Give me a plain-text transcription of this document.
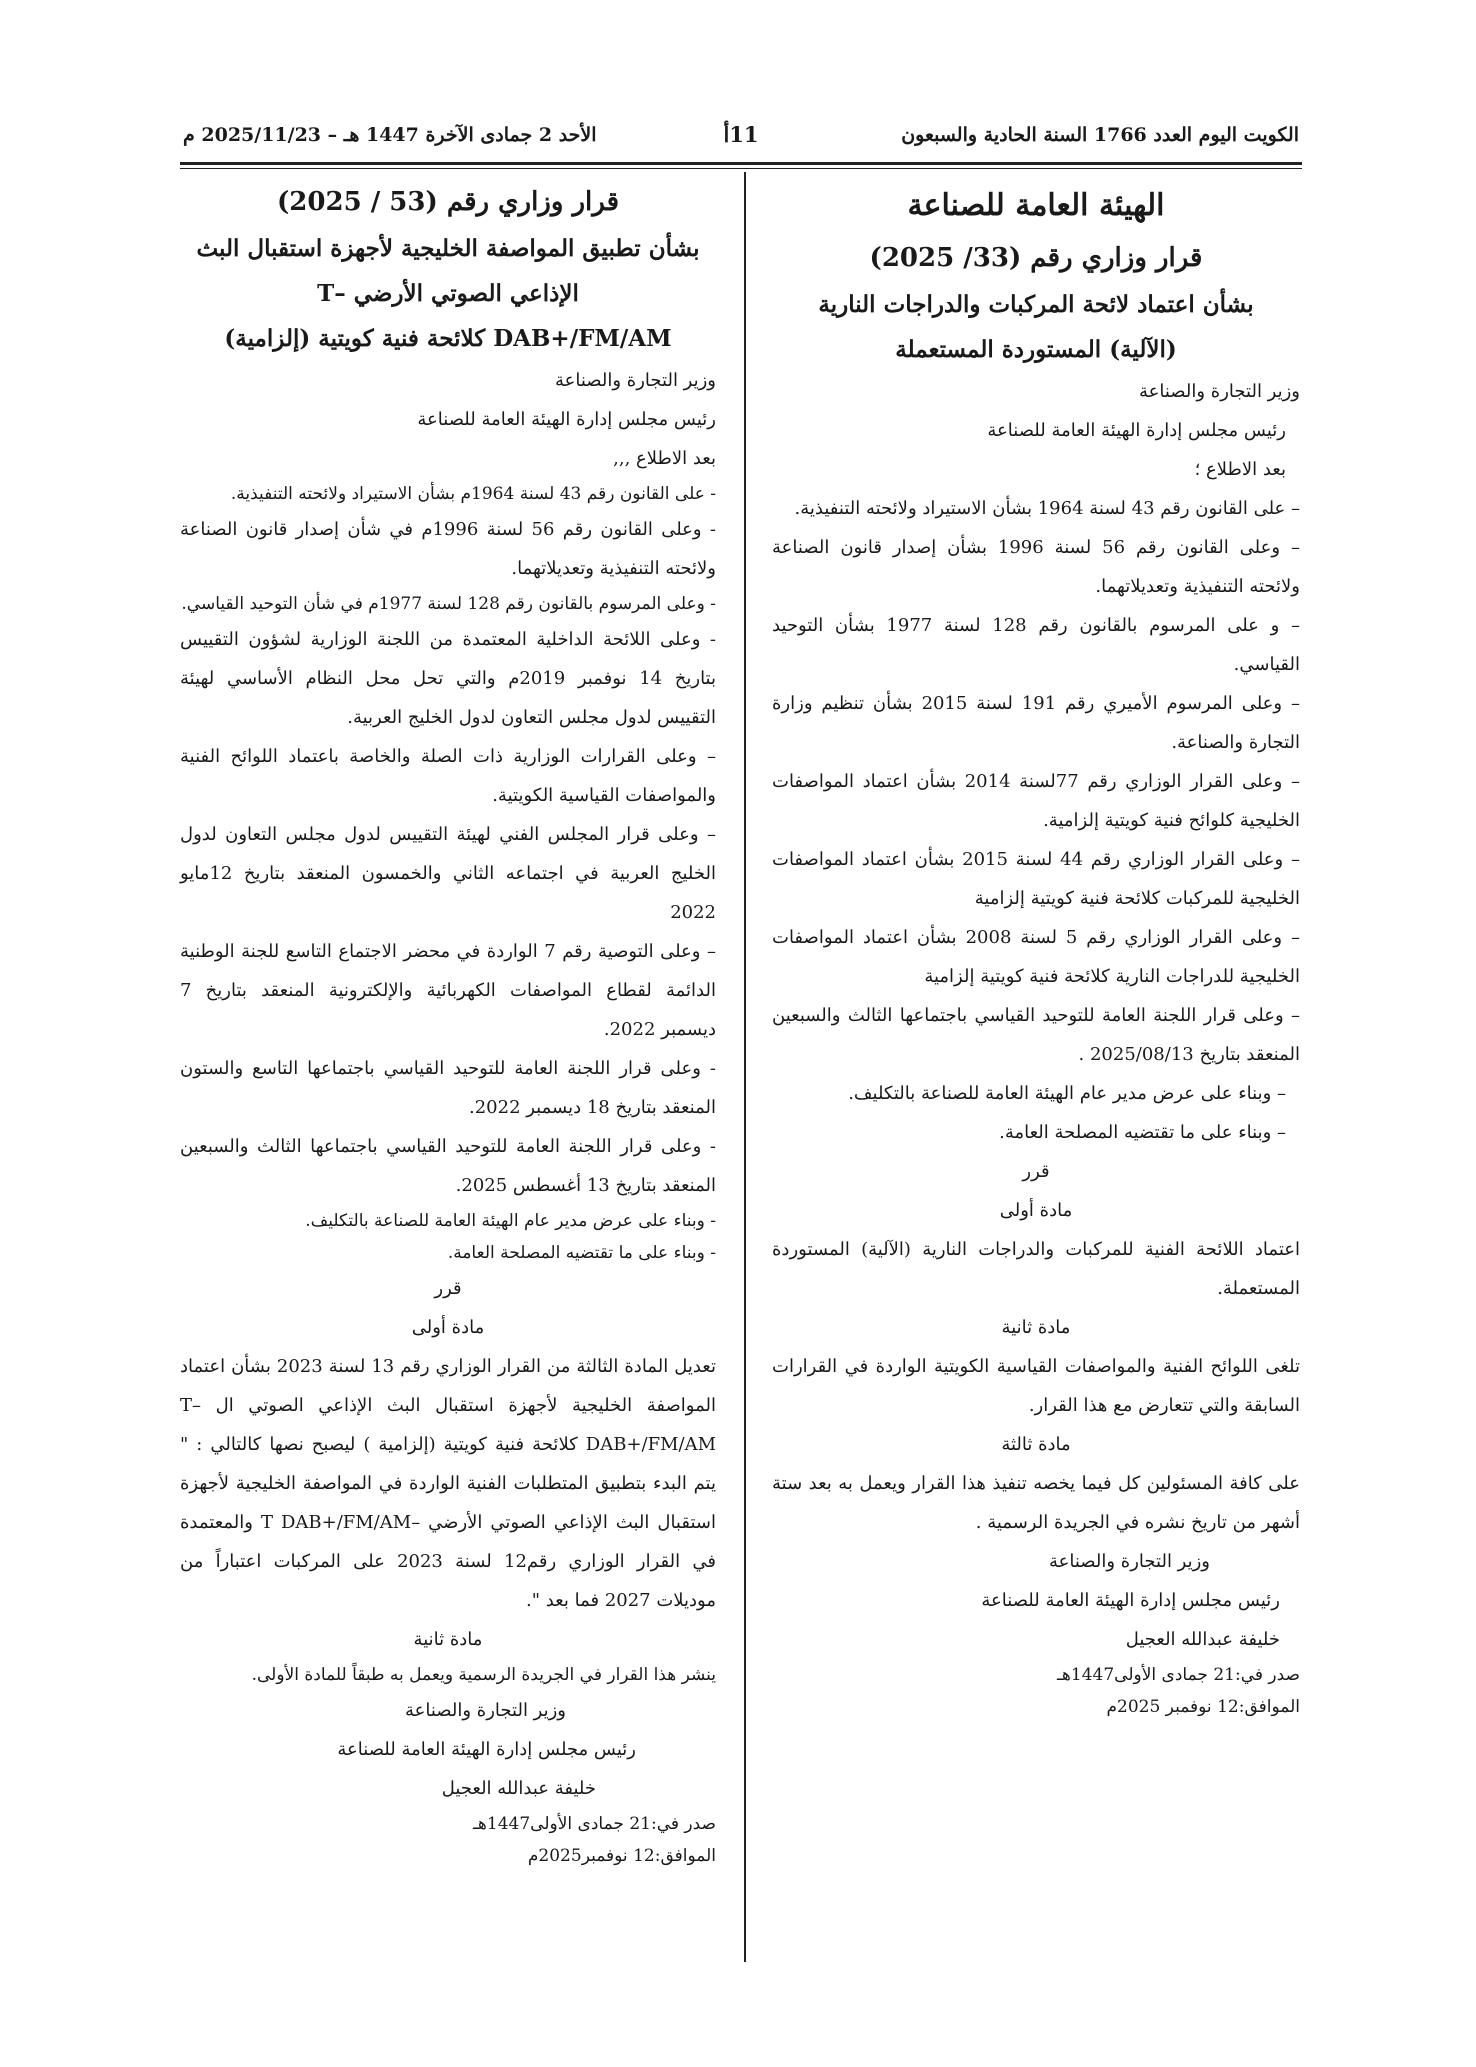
الكويت اليوم العدد 1766 السنة الحادية والسبعون
11أ
الأحد 2 جمادى الآخرة 1447 هـ – 2025/11/23 م

الهيئة العامة للصناعة

قرار وزاري رقم (33/ 2025)

بشأن اعتماد لائحة المركبات والدراجات النارية

(الآلية) المستوردة المستعملة

وزير التجارة والصناعة

رئيس مجلس إدارة الهيئة العامة للصناعة

بعد الاطلاع ؛

– على القانون رقم 43 لسنة 1964 بشأن الاستيراد ولائحته التنفيذية.

– وعلى القانون رقم 56 لسنة 1996 بشأن إصدار قانون الصناعة ولائحته التنفيذية وتعديلاتهما.

– و على المرسوم بالقانون رقم 128 لسنة 1977 بشأن التوحيد القياسي.

– وعلى المرسوم الأميري رقم 191 لسنة 2015 بشأن تنظيم وزارة التجارة والصناعة.

– وعلى القرار الوزاري رقم 77لسنة 2014 بشأن اعتماد المواصفات الخليجية كلوائح فنية كويتية إلزامية.

– وعلى القرار الوزاري رقم 44 لسنة 2015 بشأن اعتماد المواصفات الخليجية للمركبات كلائحة فنية كويتية إلزامية

– وعلى القرار الوزاري رقم 5 لسنة 2008 بشأن اعتماد المواصفات الخليجية للدراجات النارية كلائحة فنية كويتية إلزامية

– وعلى قرار اللجنة العامة للتوحيد القياسي باجتماعها الثالث والسبعين المنعقد بتاريخ 2025/08/13 .

– وبناء على عرض مدير عام الهيئة العامة للصناعة بالتكليف.

– وبناء على ما تقتضيه المصلحة العامة.

قرر

مادة أولى

اعتماد اللائحة الفنية للمركبات والدراجات النارية (الآلية) المستوردة المستعملة.

مادة ثانية

تلغى اللوائح الفنية والمواصفات القياسية الكويتية الواردة في القرارات السابقة والتي تتعارض مع هذا القرار.

مادة ثالثة

على كافة المسئولين كل فيما يخصه تنفيذ هذا القرار ويعمل به بعد ستة أشهر من تاريخ نشره في الجريدة الرسمية .

وزير التجارة والصناعة

رئيس مجلس إدارة الهيئة العامة للصناعة

خليفة عبدالله العجيل

صدر في:21 جمادى الأولى1447هـ

الموافق:12 نوفمبر 2025م

قرار وزاري رقم (53 / 2025)

بشأن تطبيق المواصفة الخليجية لأجهزة استقبال البث

الإذاعي الصوتي الأرضي –T

DAB+/FM/AM كلائحة فنية كويتية (إلزامية)

وزير التجارة والصناعة

رئيس مجلس إدارة الهيئة العامة للصناعة

بعد الاطلاع ,,,

- على القانون رقم 43 لسنة 1964م بشأن الاستيراد ولائحته التنفيذية.

- وعلى القانون رقم 56 لسنة 1996م في شأن إصدار قانون الصناعة ولائحته التنفيذية وتعديلاتهما.

- وعلى المرسوم بالقانون رقم 128 لسنة 1977م في شأن التوحيد القياسي.

- وعلى اللائحة الداخلية المعتمدة من اللجنة الوزارية لشؤون التقييس بتاريخ 14 نوفمبر 2019م والتي تحل محل النظام الأساسي لهيئة التقييس لدول مجلس التعاون لدول الخليج العربية.

– وعلى القرارات الوزارية ذات الصلة والخاصة باعتماد اللوائح الفنية والمواصفات القياسية الكويتية.

– وعلى قرار المجلس الفني لهيئة التقييس لدول مجلس التعاون لدول الخليج العربية في اجتماعه الثاني والخمسون المنعقد بتاريخ 12مايو 2022

– وعلى التوصية رقم 7 الواردة في محضر الاجتماع التاسع للجنة الوطنية الدائمة لقطاع المواصفات الكهربائية والإلكترونية المنعقد بتاريخ 7 ديسمبر 2022.

- وعلى قرار اللجنة العامة للتوحيد القياسي باجتماعها التاسع والستون المنعقد بتاريخ 18 ديسمبر 2022.

- وعلى قرار اللجنة العامة للتوحيد القياسي باجتماعها الثالث والسبعين المنعقد بتاريخ 13 أغسطس 2025.

- وبناء على عرض مدير عام الهيئة العامة للصناعة بالتكليف.

- وبناء على ما تقتضيه المصلحة العامة.

قرر

مادة أولى

تعديل المادة الثالثة من القرار الوزاري رقم 13 لسنة 2023 بشأن اعتماد المواصفة الخليجية لأجهزة استقبال البث الإذاعي الصوتي ال T–DAB+/FM/AM كلائحة فنية كويتية (إلزامية ) ليصبح نصها كالتالي : " يتم البدء بتطبيق المتطلبات الفنية الواردة في المواصفة الخليجية لأجهزة استقبال البث الإذاعي الصوتي الأرضي –T DAB+/FM/AM والمعتمدة في القرار الوزاري رقم12 لسنة 2023 على المركبات اعتباراً من موديلات 2027 فما بعد ".

مادة ثانية

ينشر هذا القرار في الجريدة الرسمية ويعمل به طبقاً للمادة الأولى.

وزير التجارة والصناعة

رئيس مجلس إدارة الهيئة العامة للصناعة

خليفة عبدالله العجيل

صدر في:21 جمادى الأولى1447هـ

الموافق:12 نوفمبر2025م
